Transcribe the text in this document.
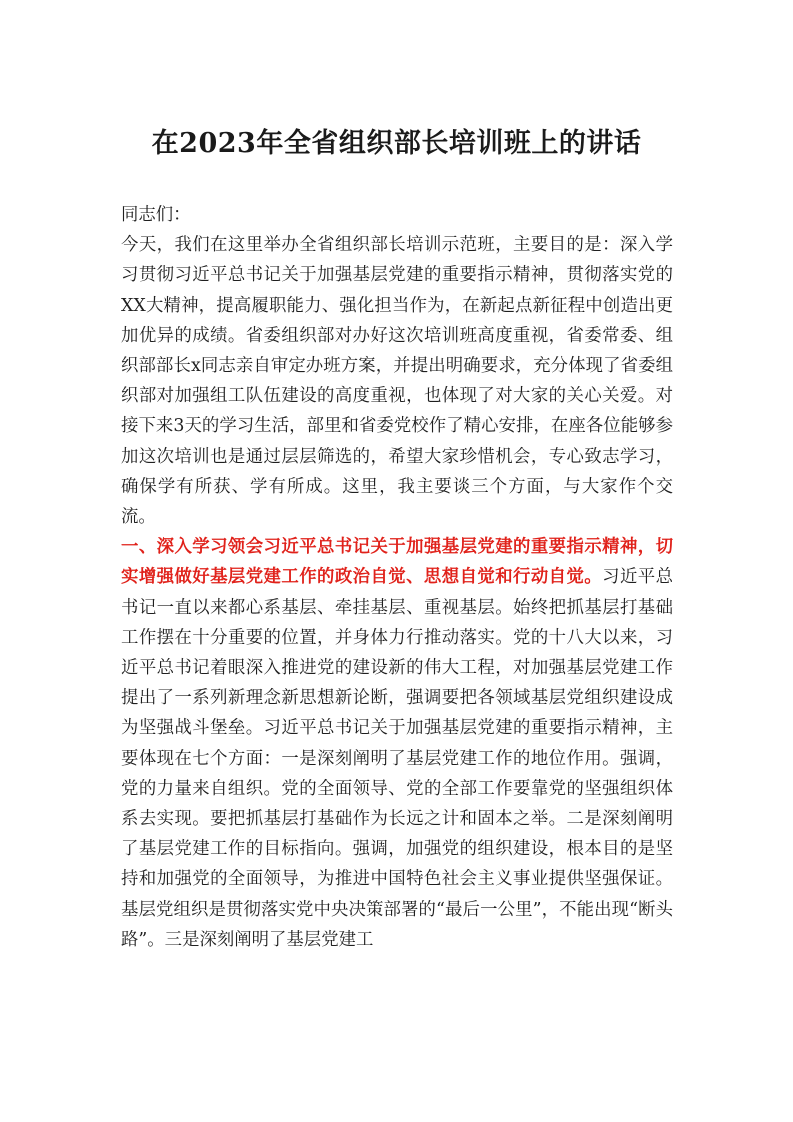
在2023年全省组织部长培训班上的讲话

同志们：

今天，我们在这里举办全省组织部长培训示范班，主要目的是：深入学习贯彻习近平总书记关于加强基层党建的重要指示精神，贯彻落实党的XX大精神，提高履职能力、强化担当作为，在新起点新征程中创造出更加优异的成绩。省委组织部对办好这次培训班高度重视，省委常委、组织部部长x同志亲自审定办班方案，并提出明确要求，充分体现了省委组织部对加强组工队伍建设的高度重视，也体现了对大家的关心关爱。对接下来3天的学习生活，部里和省委党校作了精心安排，在座各位能够参加这次培训也是通过层层筛选的，希望大家珍惜机会，专心致志学习，确保学有所获、学有所成。这里，我主要谈三个方面，与大家作个交流。

一、深入学习领会习近平总书记关于加强基层党建的重要指示精神，切实增强做好基层党建工作的政治自觉、思想自觉和行动自觉。习近平总书记一直以来都心系基层、牵挂基层、重视基层。始终把抓基层打基础工作摆在十分重要的位置，并身体力行推动落实。党的十八大以来，习近平总书记着眼深入推进党的建设新的伟大工程，对加强基层党建工作提出了一系列新理念新思想新论断，强调要把各领域基层党组织建设成为坚强战斗堡垒。习近平总书记关于加强基层党建的重要指示精神，主要体现在七个方面：一是深刻阐明了基层党建工作的地位作用。强调，党的力量来自组织。党的全面领导、党的全部工作要靠党的坚强组织体系去实现。要把抓基层打基础作为长远之计和固本之举。二是深刻阐明了基层党建工作的目标指向。强调，加强党的组织建设，根本目的是坚持和加强党的全面领导，为推进中国特色社会主义事业提供坚强保证。基层党组织是贯彻落实党中央决策部署的“最后一公里”，不能出现“断头路”。三是深刻阐明了基层党建工
